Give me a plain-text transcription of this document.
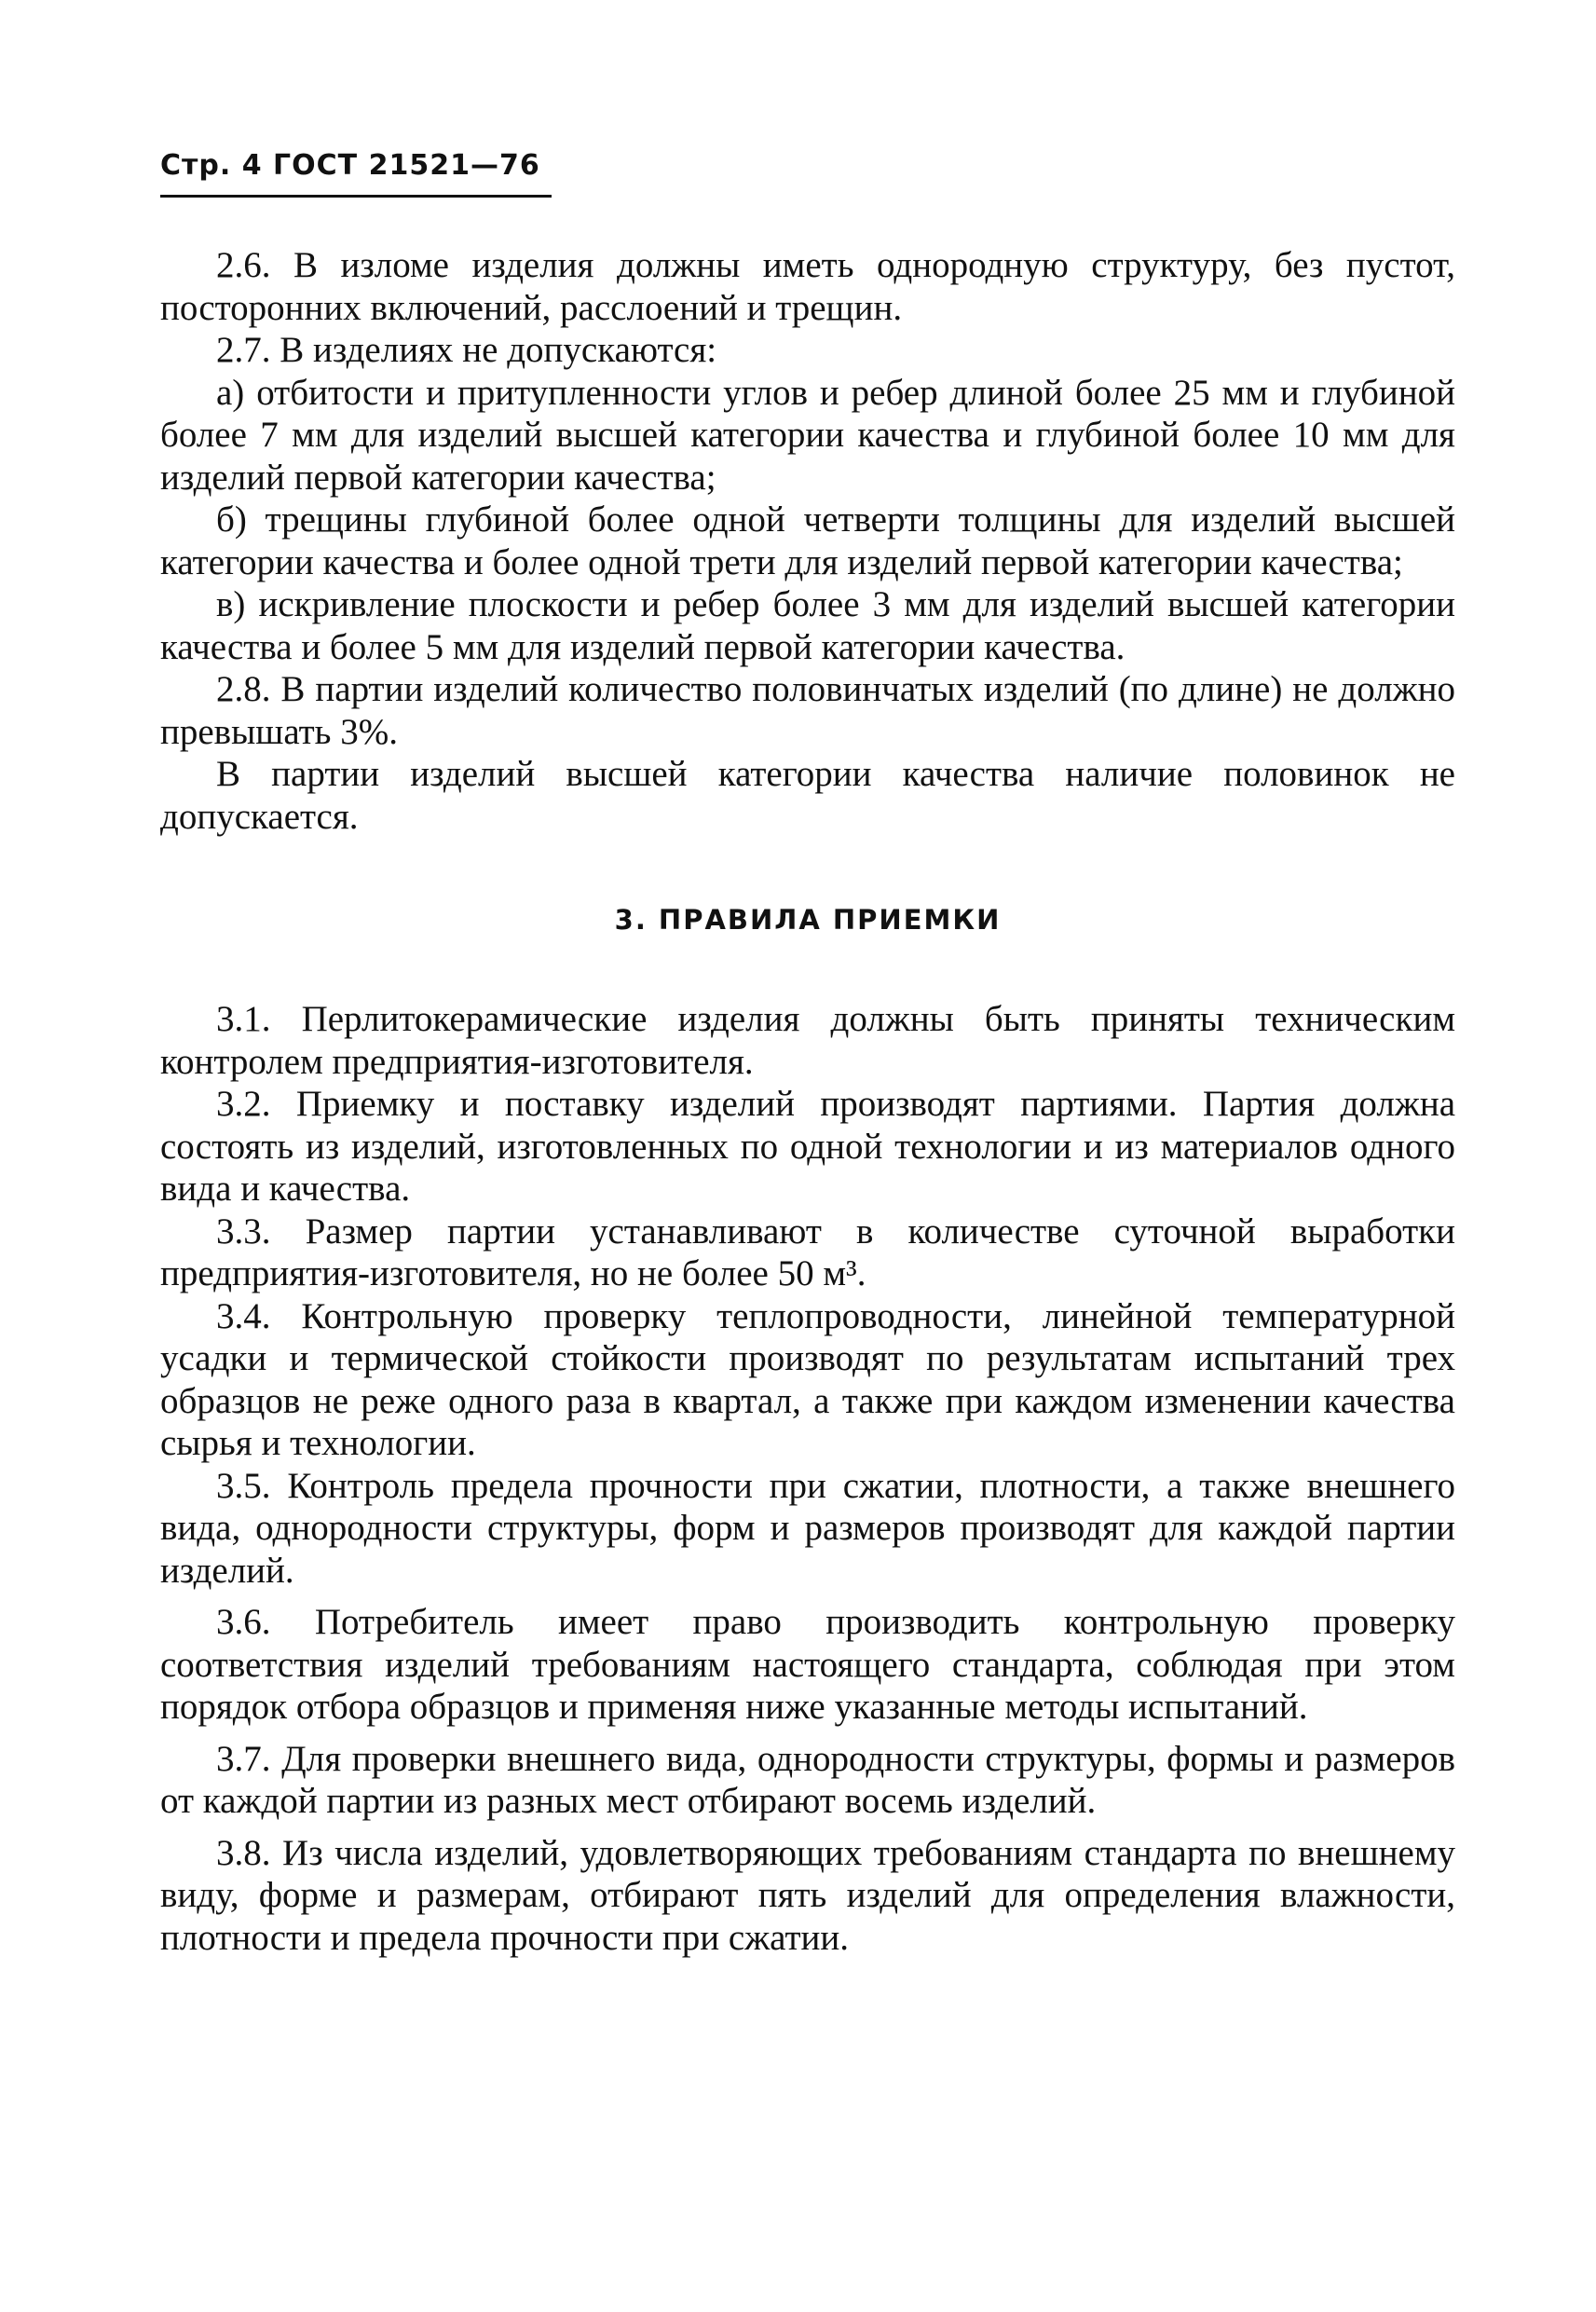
Стр. 4 ГОСТ 21521—76

2.6. В изломе изделия должны иметь однородную структуру, без пустот, посторонних включений, расслоений и трещин.

2.7. В изделиях не допускаются:

а) отбитости и притупленности углов и ребер длиной более 25 мм и глубиной более 7 мм для изделий высшей категории качества и глубиной более 10 мм для изделий первой категории качества;

б) трещины глубиной более одной четверти толщины для изделий высшей категории качества и более одной трети для изделий первой категории качества;

в) искривление плоскости и ребер более 3 мм для изделий высшей категории качества и более 5 мм для изделий первой категории качества.

2.8. В партии изделий количество половинчатых изделий (по длине) не должно превышать 3%.

В партии изделий высшей категории качества наличие половинок не допускается.

3. ПРАВИЛА ПРИЕМКИ

3.1. Перлитокерамические изделия должны быть приняты техническим контролем предприятия-изготовителя.

3.2. Приемку и поставку изделий производят партиями. Партия должна состоять из изделий, изготовленных по одной технологии и из материалов одного вида и качества.

3.3. Размер партии устанавливают в количестве суточной выработки предприятия-изготовителя, но не более 50 м³.

3.4. Контрольную проверку теплопроводности, линейной температурной усадки и термической стойкости производят по результатам испытаний трех образцов не реже одного раза в квартал, а также при каждом изменении качества сырья и технологии.

3.5. Контроль предела прочности при сжатии, плотности, а также внешнего вида, однородности структуры, форм и размеров производят для каждой партии изделий.

3.6. Потребитель имеет право производить контрольную проверку соответствия изделий требованиям настоящего стандарта, соблюдая при этом порядок отбора образцов и применяя ниже указанные методы испытаний.

3.7. Для проверки внешнего вида, однородности структуры, формы и размеров от каждой партии из разных мест отбирают восемь изделий.

3.8. Из числа изделий, удовлетворяющих требованиям стандарта по внешнему виду, форме и размерам, отбирают пять изделий для определения влажности, плотности и предела прочности при сжатии.
